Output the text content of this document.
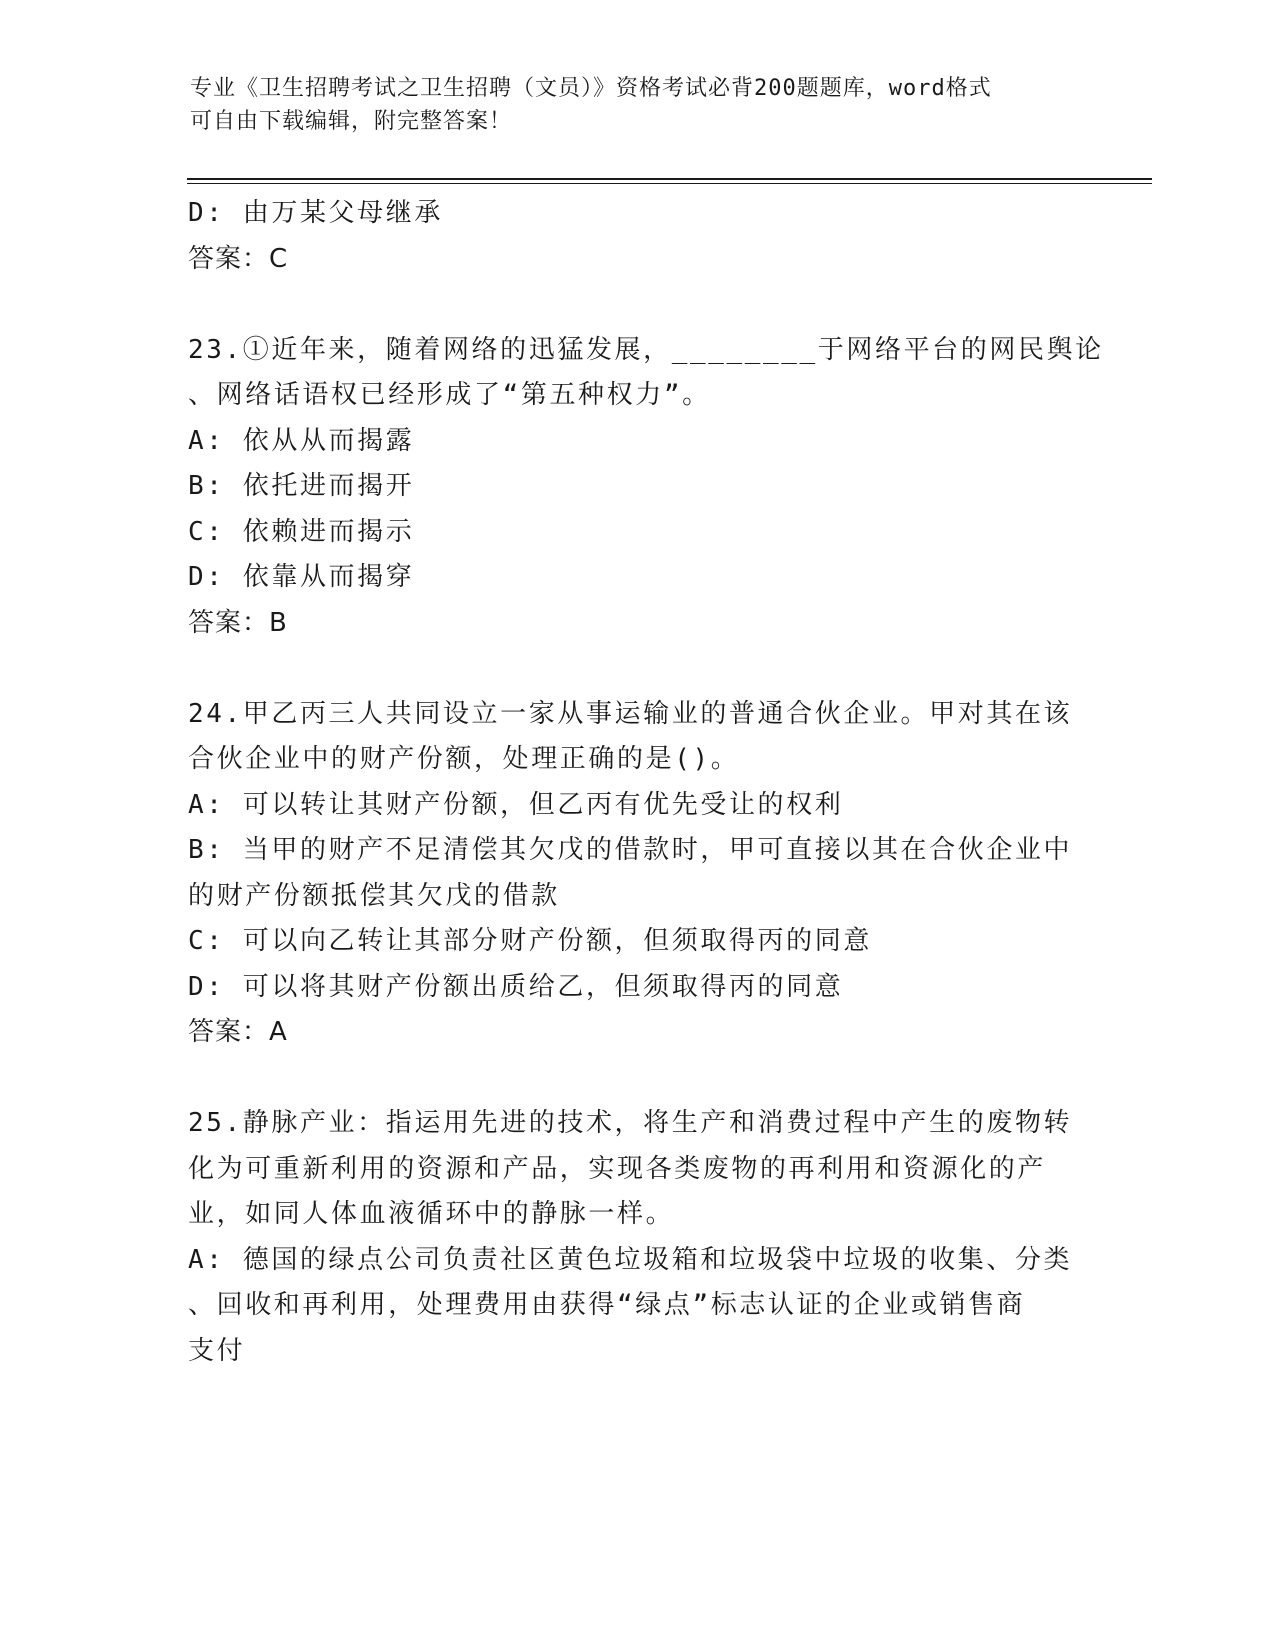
专业《卫生招聘考试之卫生招聘（文员）》资格考试必背200题题库，word格式
可自由下载编辑，附完整答案！
D: 由万某父母继承
答案：C
23.①近年来，随着网络的迅猛发展，________于网络平台的网民舆论
、网络话语权已经形成了“第五种权力”。
A: 依从从而揭露
B: 依托进而揭开
C: 依赖进而揭示
D: 依靠从而揭穿
答案：B
24.甲乙丙三人共同设立一家从事运输业的普通合伙企业。甲对其在该
合伙企业中的财产份额，处理正确的是()。
A: 可以转让其财产份额，但乙丙有优先受让的权利
B: 当甲的财产不足清偿其欠戊的借款时，甲可直接以其在合伙企业中
的财产份额抵偿其欠戊的借款
C: 可以向乙转让其部分财产份额，但须取得丙的同意
D: 可以将其财产份额出质给乙，但须取得丙的同意
答案：A
25.静脉产业：指运用先进的技术，将生产和消费过程中产生的废物转
化为可重新利用的资源和产品，实现各类废物的再利用和资源化的产
业，如同人体血液循环中的静脉一样。
A: 德国的绿点公司负责社区黄色垃圾箱和垃圾袋中垃圾的收集、分类
、回收和再利用，处理费用由获得“绿点”标志认证的企业或销售商
支付
